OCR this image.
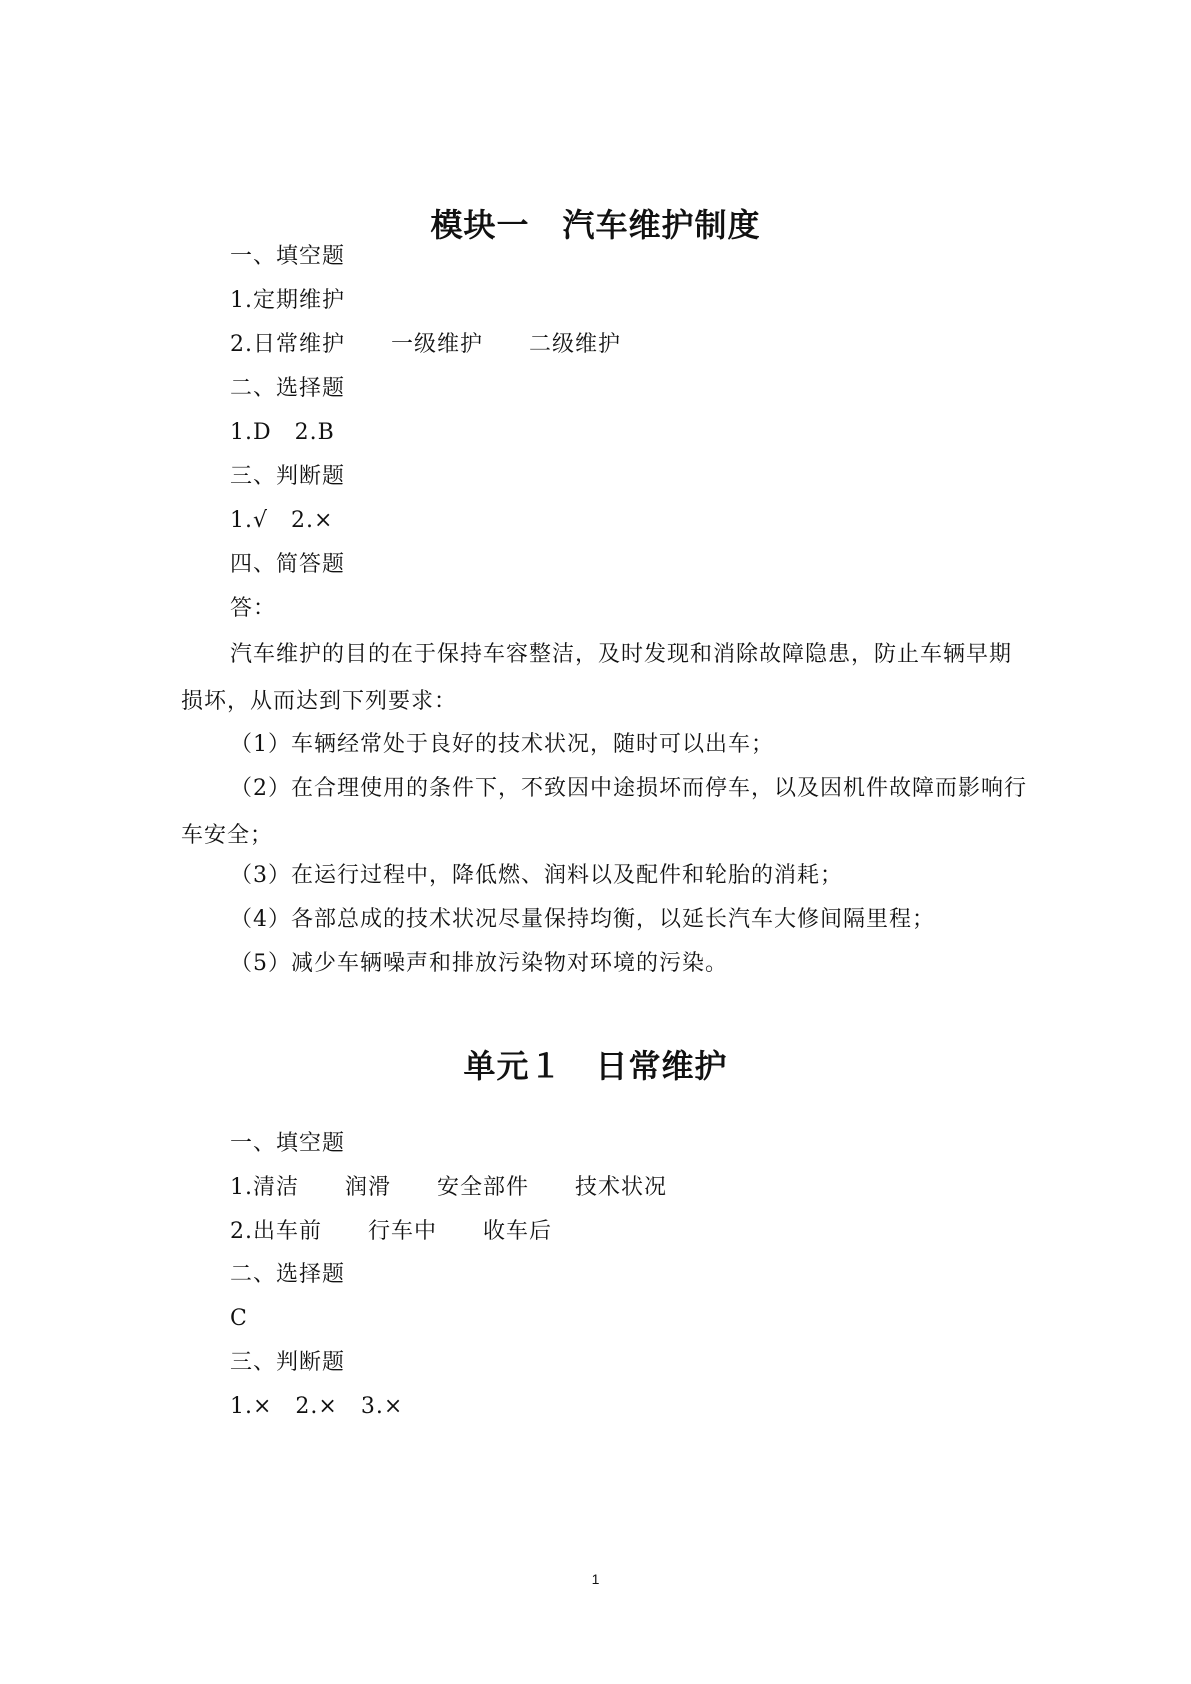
模块一　汽车维护制度
一、填空题
1.定期维护
2.日常维护　　一级维护　　二级维护
二、选择题
1.D　2.B
三、判断题
1.√　2.×
四、简答题
答：
汽车维护的目的在于保持车容整洁，及时发现和消除故障隐患，防止车辆早期损坏，从而达到下列要求：
（1）车辆经常处于良好的技术状况，随时可以出车；
（2）在合理使用的条件下，不致因中途损坏而停车，以及因机件故障而影响行车安全；
（3）在运行过程中，降低燃、润料以及配件和轮胎的消耗；
（4）各部总成的技术状况尽量保持均衡，以延长汽车大修间隔里程；
（5）减少车辆噪声和排放污染物对环境的污染。
单元１　日常维护
一、填空题
1.清洁　　润滑　　安全部件　　技术状况
2.出车前　　行车中　　收车后
二、选择题
C
三、判断题
1.×　2.×　3.×
1
